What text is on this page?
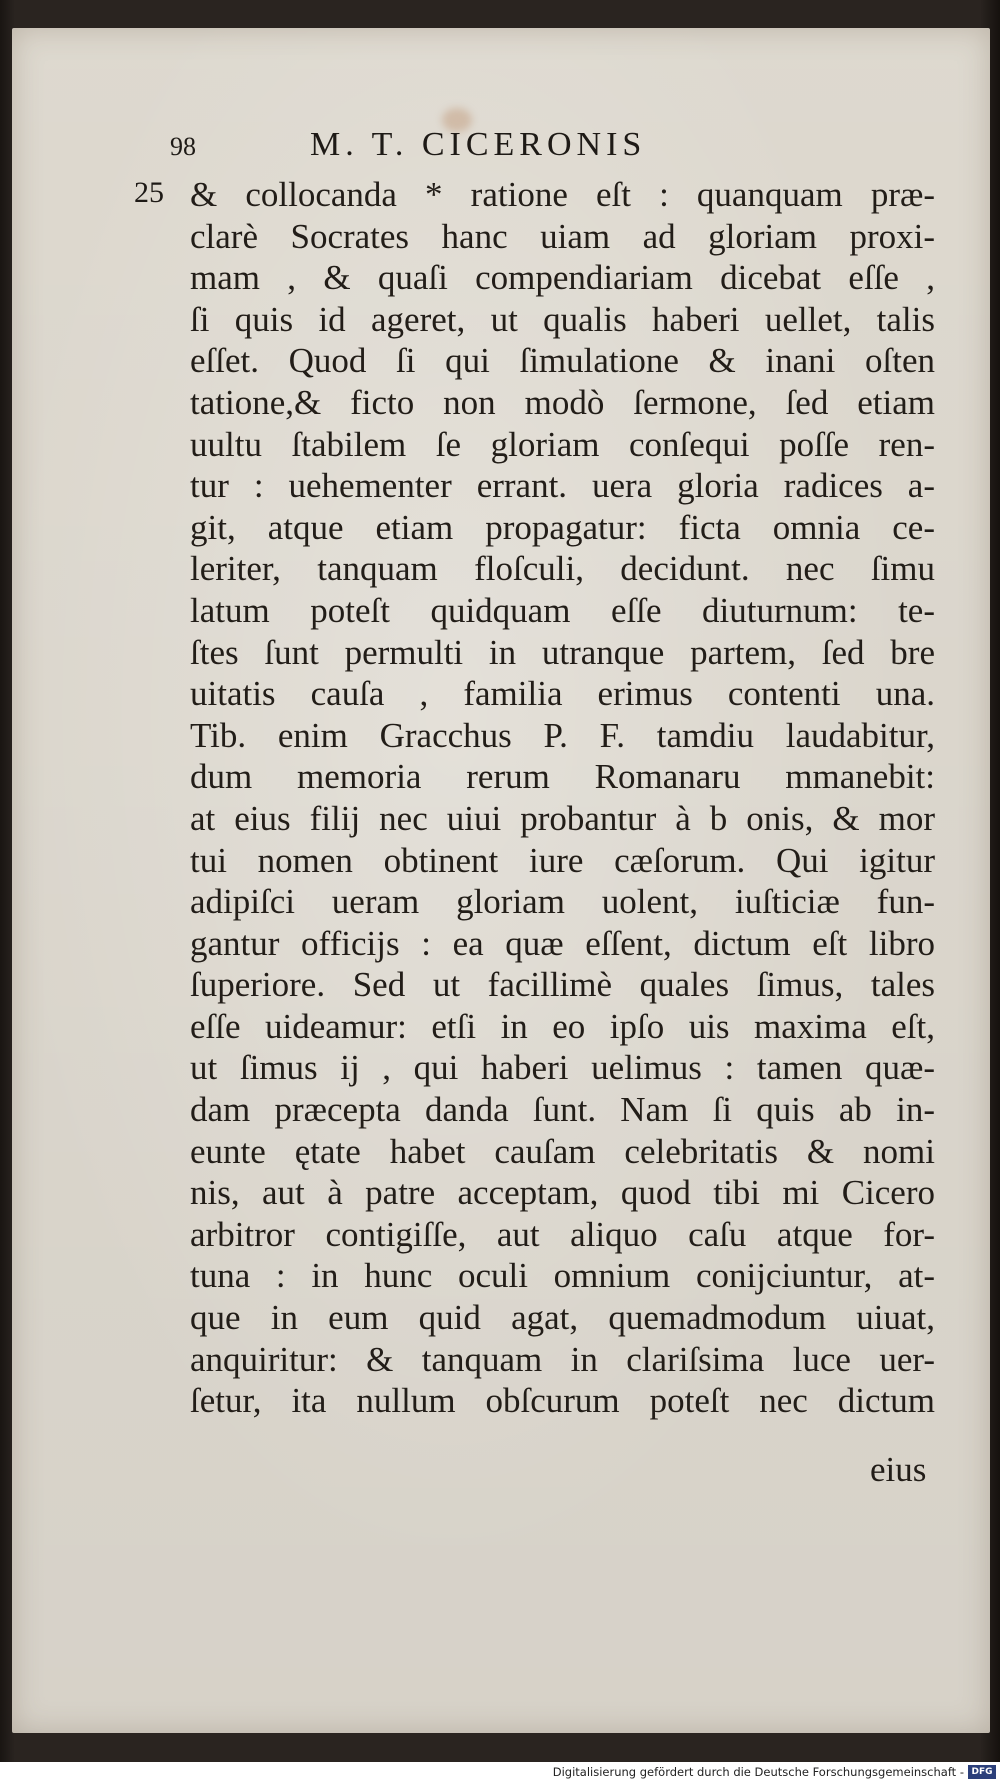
98	M. T. CICERONIS
25 & collocanda * ratione eſt : quanquam præ-
clarè Socrates hanc uiam ad gloriam proxi-
mam , & quaſi compendiariam dicebat eſſe ,
ſi quis id ageret, ut qualis haberi uellet, talis
eſſet. Quod ſi qui ſimulatione & inani oſten
tatione,& ficto non modò ſermone, ſed etiam
uultu ſtabilem ſe gloriam conſequi poſſe ren-
tur : uehementer errant. uera gloria radices a-
git, atque etiam propagatur: ficta omnia ce-
leriter, tanquam floſculi, decidunt. nec ſimu
latum poteſt quidquam eſſe diuturnum: te-
ſtes ſunt permulti in utranque partem, ſed bre
uitatis cauſa , familia erimus contenti una.
Tib. enim Gracchus P. F. tamdiu laudabitur,
dum memoria rerum Romanaru mmanebit:
at eius filij nec uiui probantur à b onis, & mor
tui nomen obtinent iure cæſorum. Qui igitur
adipiſci ueram gloriam uolent, iuſticiæ fun-
gantur officijs : ea quæ eſſent, dictum eſt libro
ſuperiore. Sed ut facillimè quales ſimus, tales
eſſe uideamur: etſi in eo ipſo uis maxima eſt,
ut ſimus ij , qui haberi uelimus : tamen quæ-
dam præcepta danda ſunt. Nam ſi quis ab in-
eunte ętate habet cauſam celebritatis & nomi
nis, aut à patre acceptam, quod tibi mi Cicero
arbitror contigiſſe, aut aliquo caſu atque for-
tuna : in hunc oculi omnium conijciuntur, at-
que in eum quid agat, quemadmodum uiuat,
anquiritur: & tanquam in clariſsima luce uer-
ſetur, ita nullum obſcurum poteſt nec dictum
eius
Digitalisierung gefördert durch die Deutsche Forschungsgemeinschaft - DFG
